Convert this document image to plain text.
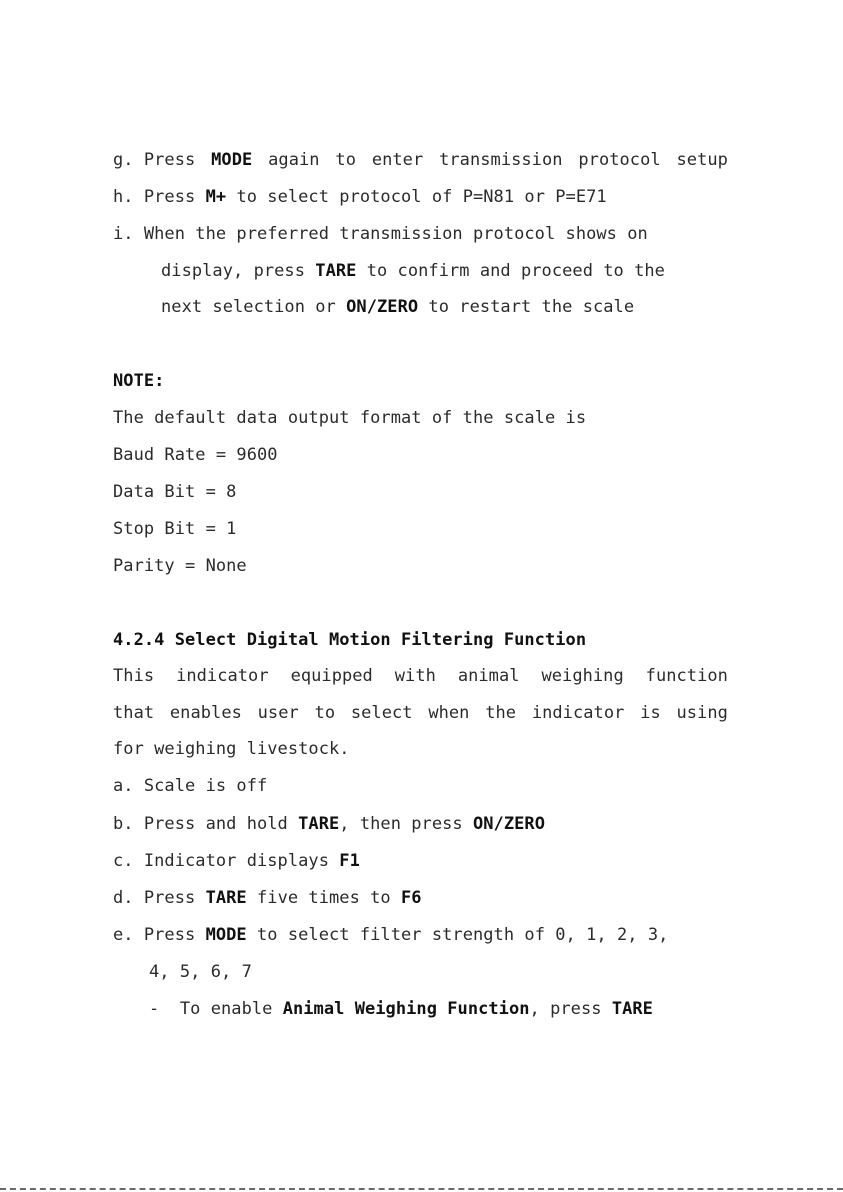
g. Press MODE again to enter transmission protocol setup
h. Press M+ to select protocol of P=N81 or P=E71
i. When the preferred transmission protocol shows on
display, press TARE to confirm and proceed to the
next selection or ON/ZERO to restart the scale
NOTE:
The default data output format of the scale is
Baud Rate = 9600
Data Bit = 8
Stop Bit = 1
Parity = None
4.2.4 Select Digital Motion Filtering Function
This indicator equipped with animal weighing function
that enables user to select when the indicator is using
for weighing livestock.
a. Scale is off
b. Press and hold TARE, then press ON/ZERO
c. Indicator displays F1
d. Press TARE five times to F6
e. Press MODE to select filter strength of 0, 1, 2, 3,
4, 5, 6, 7
-  To enable Animal Weighing Function, press TARE
